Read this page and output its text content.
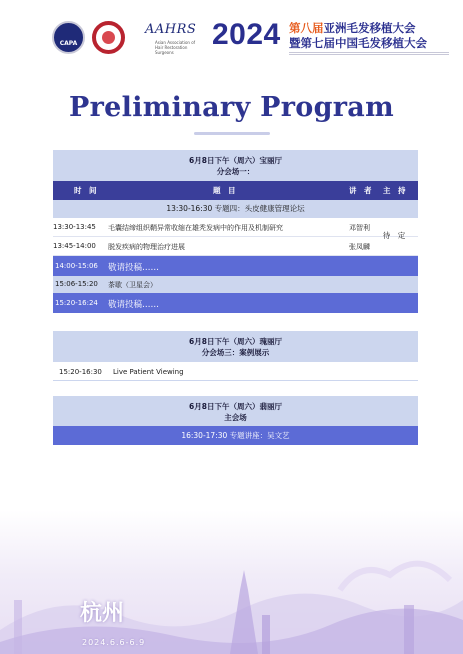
CAPA
AAHRS
Asian Association of Hair Restoration Surgeons
2024 第八届亚洲毛发移植大会
暨第七届中国毛发移植大会
Preliminary Program
6月8日下午（周六）宝丽厅
分会场一：
时　间	题　目	讲　者 主　持
13:30-16:30 专题四：头皮健康管理论坛
13:30-13:45 毛囊结缔组织鞘异常收缩在雄秃发病中的作用及机制研究	邓智利
13:45-14:00 脱发疾病的物理治疗进展	张凤麟
待　定
14:00-15:06 敬请投稿……
15:06-15:20 茶歇（卫星会）
15:20-16:24 敬请投稿……
6月8日下午（周六）瑰丽厅
分会场三：案例展示
15:20-16:30 Live Patient Viewing
6月8日下午（周六）翡丽厅
主会场
16:30-17:30 专题讲座：吴文艺
杭州
2024.6.6-6.9
